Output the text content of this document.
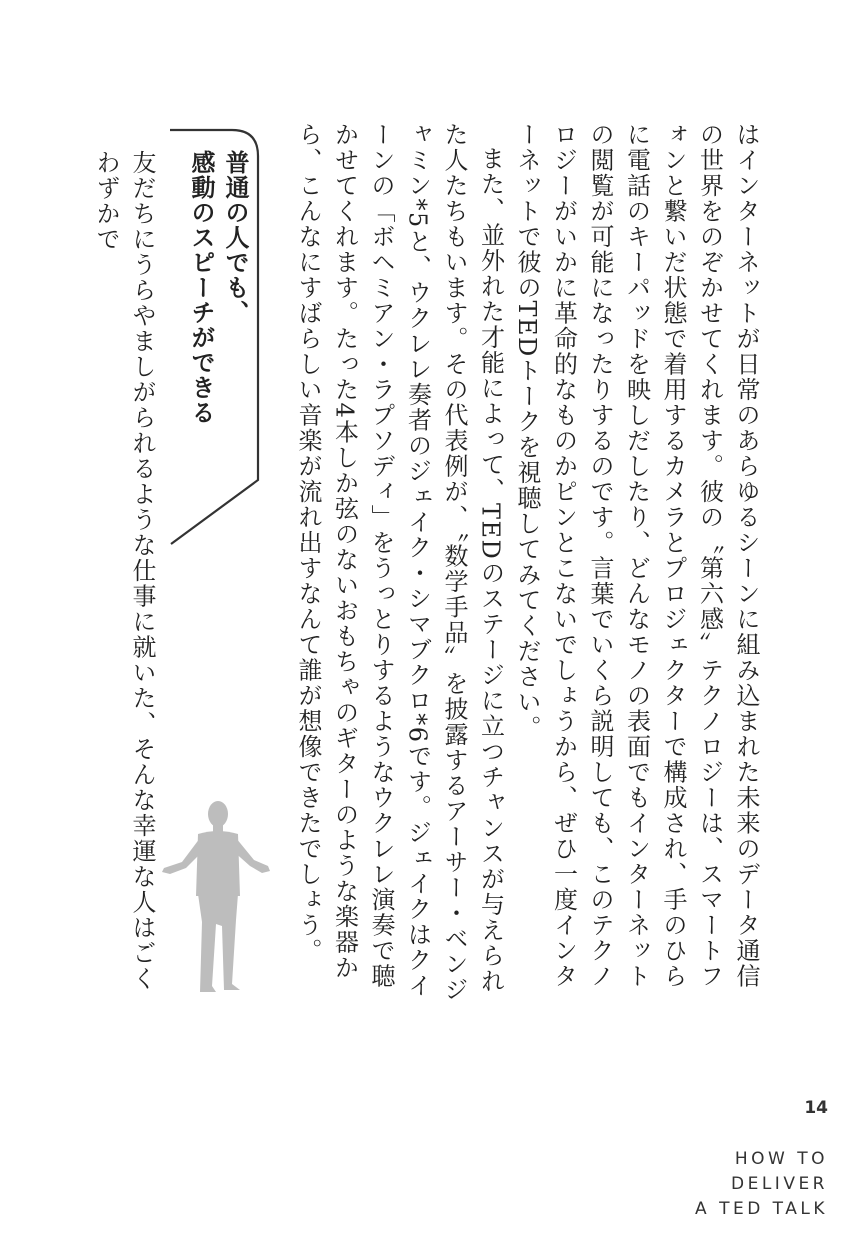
はインターネットが日常のあらゆるシーンに組み込まれた未来のデータ通信の世界をのぞかせてくれます。彼の〝第六感〟テクノロジーは、スマートフォンと繋いだ状態で着用するカメラとプロジェクターで構成され、手のひらに電話のキーパッドを映しだしたり、どんなモノの表面でもインターネットの閲覧が可能になったりするのです。言葉でいくら説明しても、このテクノロジーがいかに革命的なものかピンとこないでしょうから、ぜひ一度インターネットで彼のTEDトークを視聴してみてください。

また、並外れた才能によって、TEDのステージに立つチャンスが与えられた人たちもいます。その代表例が、〝数学手品〟を披露するアーサー・ベンジャミン*5と、ウクレレ奏者のジェイク・シマブクロ*6です。ジェイクはクイーンの「ボヘミアン・ラプソディ」をうっとりするようなウクレレ演奏で聴かせてくれます。たった4本しか弦のないおもちゃのギターのような楽器から、こんなにすばらしい音楽が流れ出すなんて誰が想像できたでしょう。

普通の人でも、
感動のスピーチができる
友だちにうらやましがられるような仕事に就いた、そんな幸運な人はごくわずかで
14
HOW TO
DELIVER
A TED TALK
